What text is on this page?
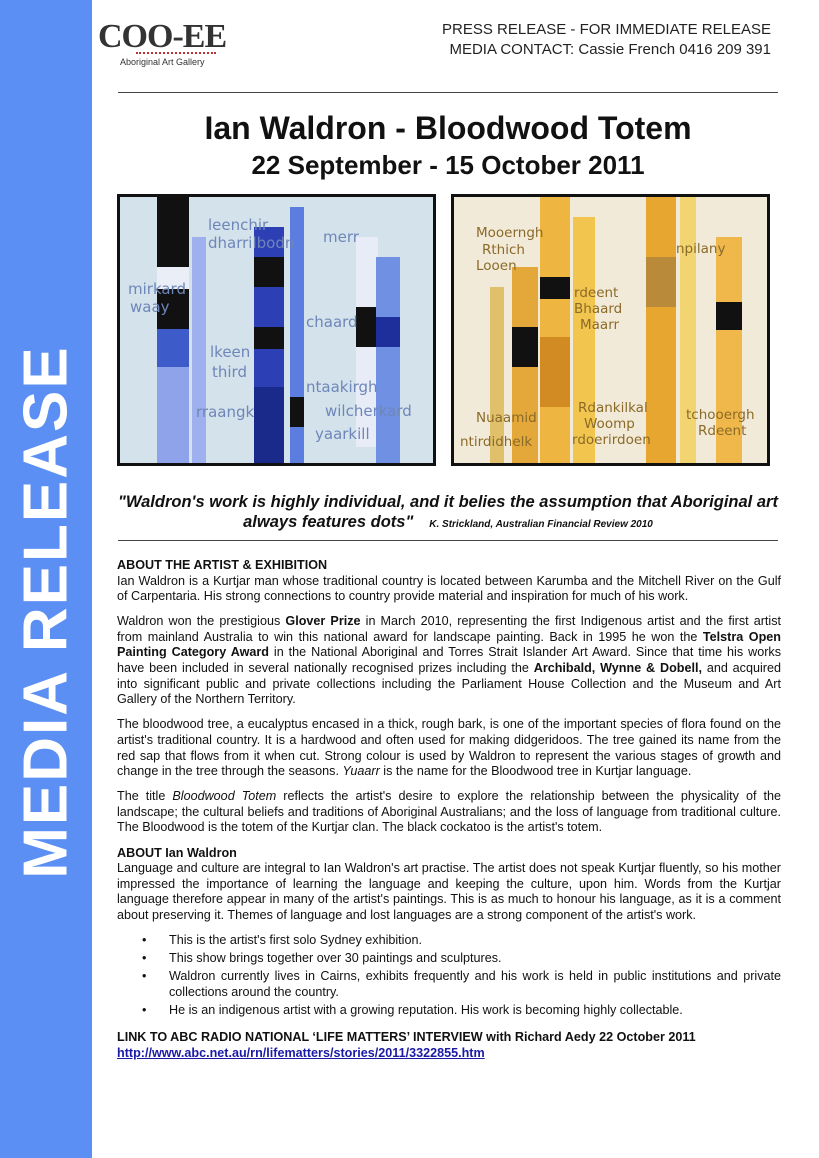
MEDIA RELEASE
COO-EE
Aboriginal Art Gallery
PRESS RELEASE - FOR IMMEDIATE RELEASE
MEDIA CONTACT: Cassie French 0416 209 391
Ian Waldron - Bloodwood Totem
22 September - 15 October 2011
leenchir
dharrilbodn merr
mirkard
waay
chaard
lkeen
third
rraangk
ntaakirgh
wilcherkard
yaarkill
Mooerngh
Rthich
Looen
npilany
rdeent
Bhaard
Maarr
Nuaamid
ntirdidhelk
Rdankilkal
Woomp
rdoerirdoen
tchooergh
Rdeent
"Waldron's work is highly individual, and it belies the assumption that Aboriginal art always features dots" K. Strickland, Australian Financial Review 2010
ABOUT THE ARTIST & EXHIBITION

Ian Waldron is a Kurtjar man whose traditional country is located between Karumba and the Mitchell River on the Gulf of Carpentaria. His strong connections to country provide material and inspiration for much of his work.

Waldron won the prestigious Glover Prize in March 2010, representing the first Indigenous artist and the first artist from mainland Australia to win this national award for landscape painting. Back in 1995 he won the Telstra Open Painting Category Award in the National Aboriginal and Torres Strait Islander Art Award. Since that time his works have been included in several nationally recognised prizes including the Archibald, Wynne & Dobell, and acquired into significant public and private collections including the Parliament House Collection and the Museum and Art Gallery of the Northern Territory.

The bloodwood tree, a eucalyptus encased in a thick, rough bark, is one of the important species of flora found on the artist's traditional country. It is a hardwood and often used for making didgeridoos. The tree gained its name from the red sap that flows from it when cut. Strong colour is used by Waldron to represent the various stages of growth and change in the tree through the seasons. Yuaarr is the name for the Bloodwood tree in Kurtjar language.

The title Bloodwood Totem reflects the artist's desire to explore the relationship between the physicality of the landscape; the cultural beliefs and traditions of Aboriginal Australians; and the loss of language from traditional culture. The Bloodwood is the totem of the Kurtjar clan. The black cockatoo is the artist's totem.

ABOUT Ian Waldron

Language and culture are integral to Ian Waldron's art practise. The artist does not speak Kurtjar fluently, so his mother impressed the importance of learning the language and keeping the culture, upon him. Words from the Kurtjar language therefore appear in many of the artist's paintings. This is as much to honour his language, as it is a comment about preserving it. Themes of language and lost languages are a strong component of the artist's work.

• This is the artist's first solo Sydney exhibition.
• This show brings together over 30 paintings and sculptures.
• Waldron currently lives in Cairns, exhibits frequently and his work is held in public institutions and private collections around the country.
• He is an indigenous artist with a growing reputation. His work is becoming highly collectable.
LINK TO ABC RADIO NATIONAL ‘LIFE MATTERS’ INTERVIEW with Richard Aedy 22 October 2011
http://www.abc.net.au/rn/lifematters/stories/2011/3322855.htm
